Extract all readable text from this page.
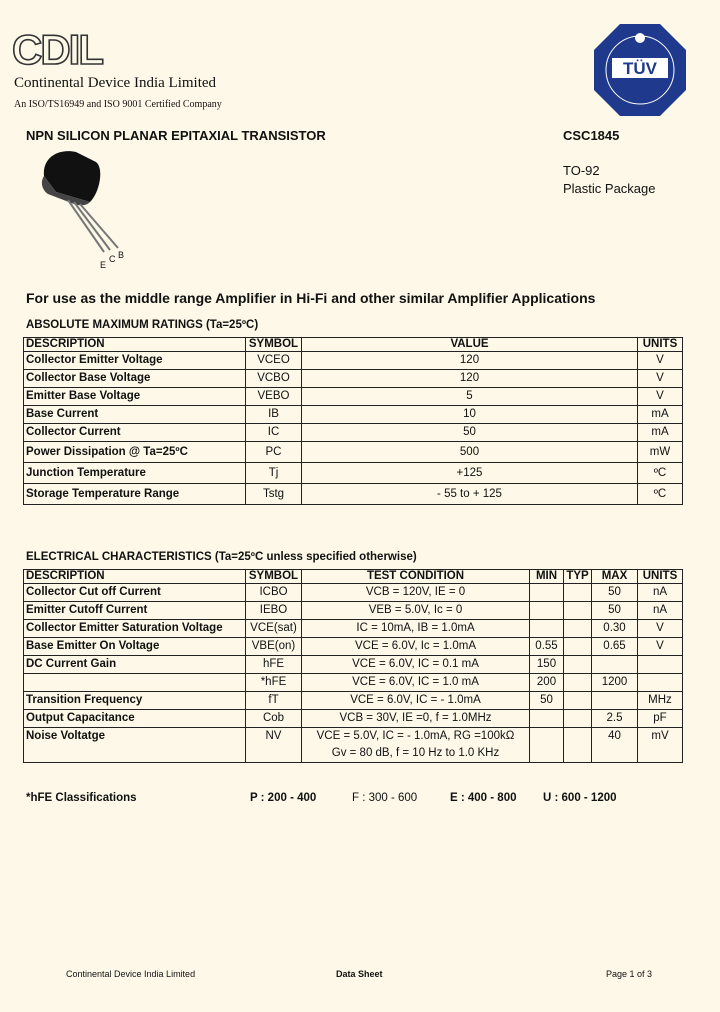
CDIL
Continental Device India Limited
An ISO/TS16949 and ISO 9001 Certified Company
TÜV
NPN SILICON PLANAR EPITAXIAL TRANSISTOR	CSC1845
TO-92
Plastic Package
E
C B
For use as the middle range Amplifier in Hi-Fi and other similar Amplifier Applications
ABSOLUTE MAXIMUM RATINGS (Ta=25ºC)
DESCRIPTION	SYMBOL	VALUE	UNITS
Collector Emitter Voltage	VCEO	120	V
Collector Base Voltage	VCBO	120	V
Emitter Base Voltage	VEBO	5	V
Base Current	IB	10	mA
Collector Current	IC	50	mA
Power Dissipation @ Ta=25ºC	PC	500	mW
Junction Temperature	Tj	+125	ºC
Storage Temperature Range	Tstg	- 55 to + 125	ºC
ELECTRICAL CHARACTERISTICS (Ta=25ºC unless specified otherwise)
DESCRIPTION	SYMBOL	TEST CONDITION	MIN	TYP	MAX	UNITS
Collector Cut off Current	ICBO	VCB = 120V, IE = 0			50	nA
Emitter Cutoff Current	IEBO	VEB = 5.0V, Ic = 0			50	nA
Collector Emitter Saturation Voltage	VCE(sat)	IC = 10mA, IB = 1.0mA			0.30	V
Base Emitter On Voltage	VBE(on)	VCE = 6.0V, Ic = 1.0mA	0.55		0.65	V
DC Current Gain	hFE	VCE = 6.0V, IC = 0.1 mA	150			
	*hFE	VCE = 6.0V, IC = 1.0 mA	200		1200	
Transition Frequency	fT	VCE = 6.0V, IC = - 1.0mA	50			MHz
Output Capacitance	Cob	VCB = 30V, IE =0, f = 1.0MHz			2.5	pF
Noise Voltatge	NV	VCE = 5.0V, IC = - 1.0mA, RG =100kΩ
Gv = 80 dB, f = 10 Hz to 1.0 KHz			40	mV
*hFE Classifications	P : 200 - 400	F : 300 - 600	E : 400 - 800 U : 600 - 1200
Continental Device India Limited	Data Sheet	Page 1 of 3
